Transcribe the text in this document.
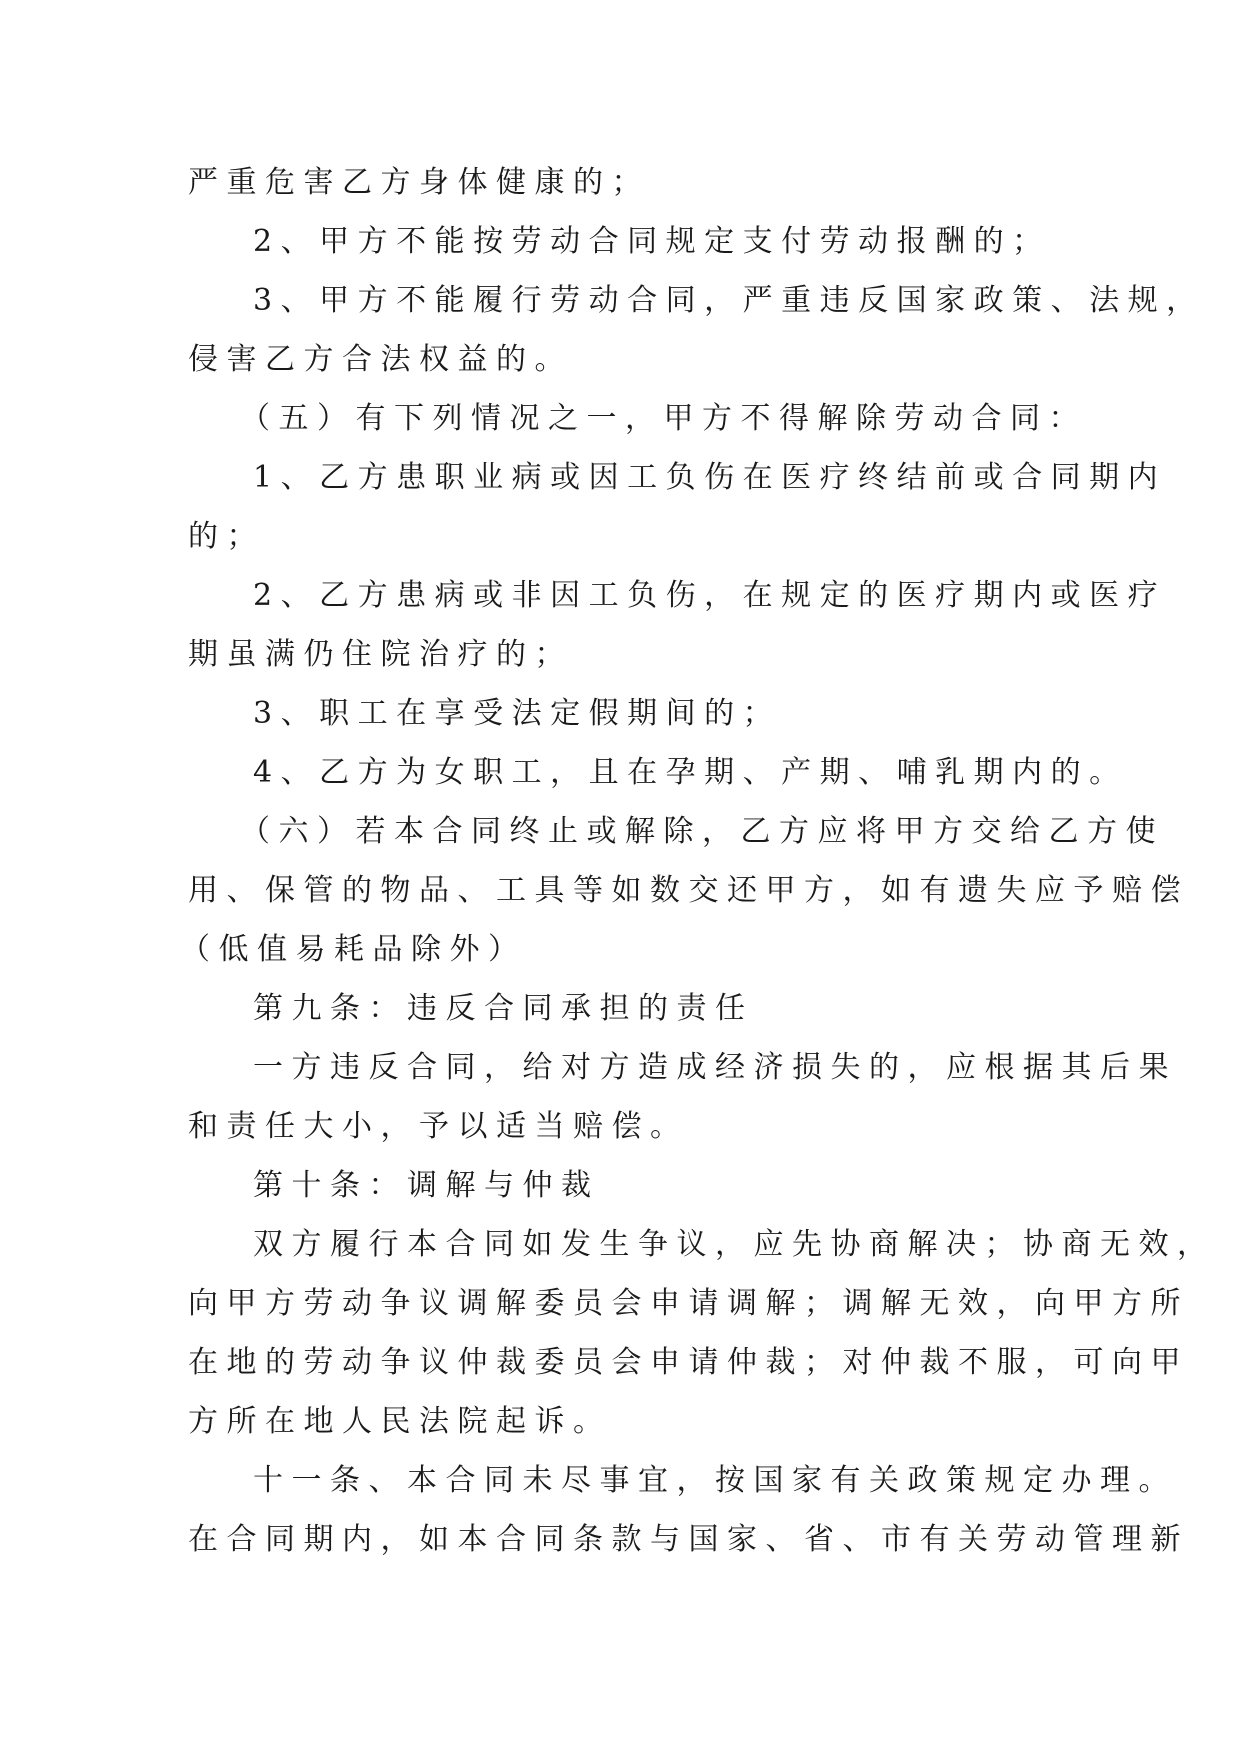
严重危害乙方身体健康的；
2、甲方不能按劳动合同规定支付劳动报酬的；
3、甲方不能履行劳动合同，严重违反国家政策、法规，
侵害乙方合法权益的。
（五）有下列情况之一，甲方不得解除劳动合同：
1、乙方患职业病或因工负伤在医疗终结前或合同期内
的；
2、乙方患病或非因工负伤，在规定的医疗期内或医疗
期虽满仍住院治疗的；
3、职工在享受法定假期间的；
4、乙方为女职工，且在孕期、产期、哺乳期内的。
（六）若本合同终止或解除，乙方应将甲方交给乙方使
用、保管的物品、工具等如数交还甲方，如有遗失应予赔偿
（低值易耗品除外）
第九条：违反合同承担的责任
一方违反合同，给对方造成经济损失的，应根据其后果
和责任大小，予以适当赔偿。
第十条：调解与仲裁
双方履行本合同如发生争议，应先协商解决；协商无效，
向甲方劳动争议调解委员会申请调解；调解无效，向甲方所
在地的劳动争议仲裁委员会申请仲裁；对仲裁不服，可向甲
方所在地人民法院起诉。
十一条、本合同未尽事宜，按国家有关政策规定办理。
在合同期内，如本合同条款与国家、省、市有关劳动管理新
